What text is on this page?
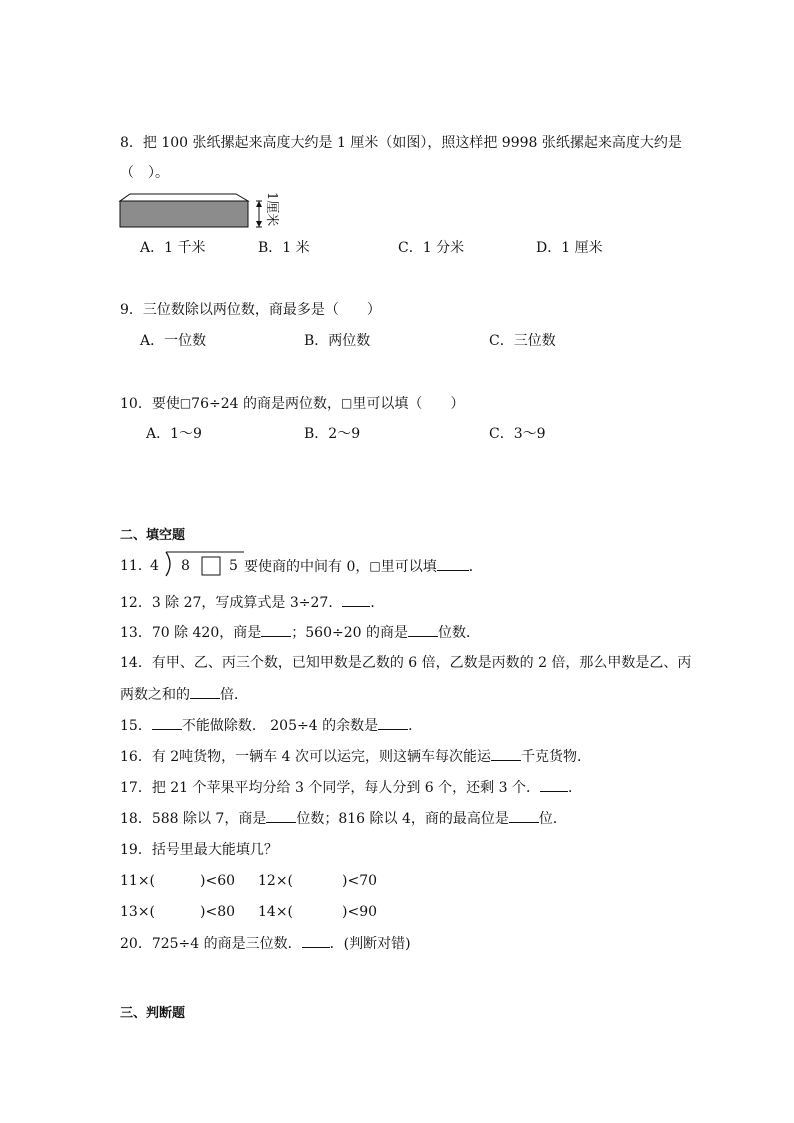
8．把 100 张纸摞起来高度大约是 1 厘米（如图），照这样把 9998 张纸摞起来高度大约是
（　）。
1厘米
A．1 千米	B．1 米	C．1 分米	D．1 厘米
9．三位数除以两位数，商最多是（　　）
A．一位数	B．两位数	C．三位数
10．要使□76÷24 的商是两位数，□里可以填（　　）
A．1～9	B．2～9	C．3～9
二、填空题
11．
4 8	5 要使商的中间有 0，□里可以填 ．
12．3 除 27，写成算式是 3÷27． ．
13．70 除 420，商是 ；560÷20 的商是 位数．
14．有甲、乙、丙三个数，已知甲数是乙数的 6 倍，乙数是丙数的 2 倍，那么甲数是乙、丙
两数之和的 倍．
15． 不能做除数． 205÷4 的余数是 ．
16．有 2吨货物，一辆车 4 次可以运完，则这辆车每次能运 千克货物．
17．把 21 个苹果平均分给 3 个同学，每人分到 6 个，还剩 3 个． ．
18．588 除以 7，商是 位数；816 除以 4，商的最高位是 位．
19．括号里最大能填几？
11×(	)<60 12×(	)<70
13×(	)<80 14×(	)<90
20．725÷4 的商是三位数． ．(判断对错)
三、判断题
